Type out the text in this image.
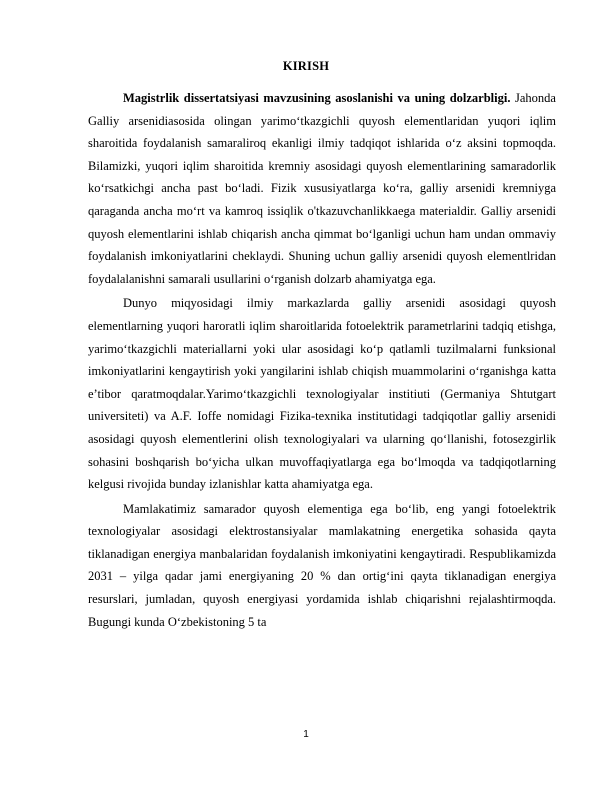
KIRISH

Magistrlik dissertatsiyasi mavzusining asoslanishi va uning dolzarbligi. Jahonda Galliy arsenidiasosida olingan yarimo‘tkazgichli quyosh elementlaridan yuqori iqlim sharoitida foydalanish samaraliroq ekanligi ilmiy tadqiqot ishlarida o‘z aksini topmoqda. Bilamizki, yuqori iqlim sharoitida kremniy asosidagi quyosh elementlarining samaradorlik ko‘rsatkichgi ancha past bo‘ladi. Fizik xususiyatlarga ko‘ra, galliy arsenidi kremniyga qaraganda ancha mo‘rt va kamroq issiqlik o'tkazuvchanlikkaega materialdir. Galliy arsenidi quyosh elementlarini ishlab chiqarish ancha qimmat bo‘lganligi uchun ham undan ommaviy foydalanish imkoniyatlarini cheklaydi. Shuning uchun galliy arsenidi quyosh elementlridan foydalalanishni samarali usullarini o‘rganish dolzarb ahamiyatga ega.

Dunyo miqyosidagi ilmiy markazlarda galliy arsenidi asosidagi quyosh elementlarning yuqori haroratli iqlim sharoitlarida fotoelektrik parametrlarini tadqiq etishga, yarimo‘tkazgichli materiallarni yoki ular asosidagi ko‘p qatlamli tuzilmalarni funksional imkoniyatlarini kengaytirish yoki yangilarini ishlab chiqish muammolarini o‘rganishga katta e’tibor qaratmoqdalar.Yarimo‘tkazgichli texnologiyalar institiuti (Germaniya Shtutgart universiteti) va A.F. Ioffe nomidagi Fizika-texnika institutidagi tadqiqotlar galliy arsenidi asosidagi quyosh elementlerini olish texnologiyalari va ularning qo‘llanishi, fotosezgirlik sohasini boshqarish bo‘yicha ulkan muvoffaqiyatlarga ega bo‘lmoqda va tadqiqotlarning kelgusi rivojida bunday izlanishlar katta ahamiyatga ega.

Mamlakatimiz samarador quyosh elementiga ega bo‘lib, eng yangi fotoelektrik texnologiyalar asosidagi elektrostansiyalar mamlakatning energetika sohasida qayta tiklanadigan energiya manbalaridan foydalanish imkoniyatini kengaytiradi. Respublikamizda 2031 – yilga qadar jami energiyaning 20 % dan ortig‘ini qayta tiklanadigan energiya resurslari, jumladan, quyosh energiyasi yordamida ishlab chiqarishni rejalashtirmoqda. Bugungi kunda O‘zbekistoning 5 ta

1
